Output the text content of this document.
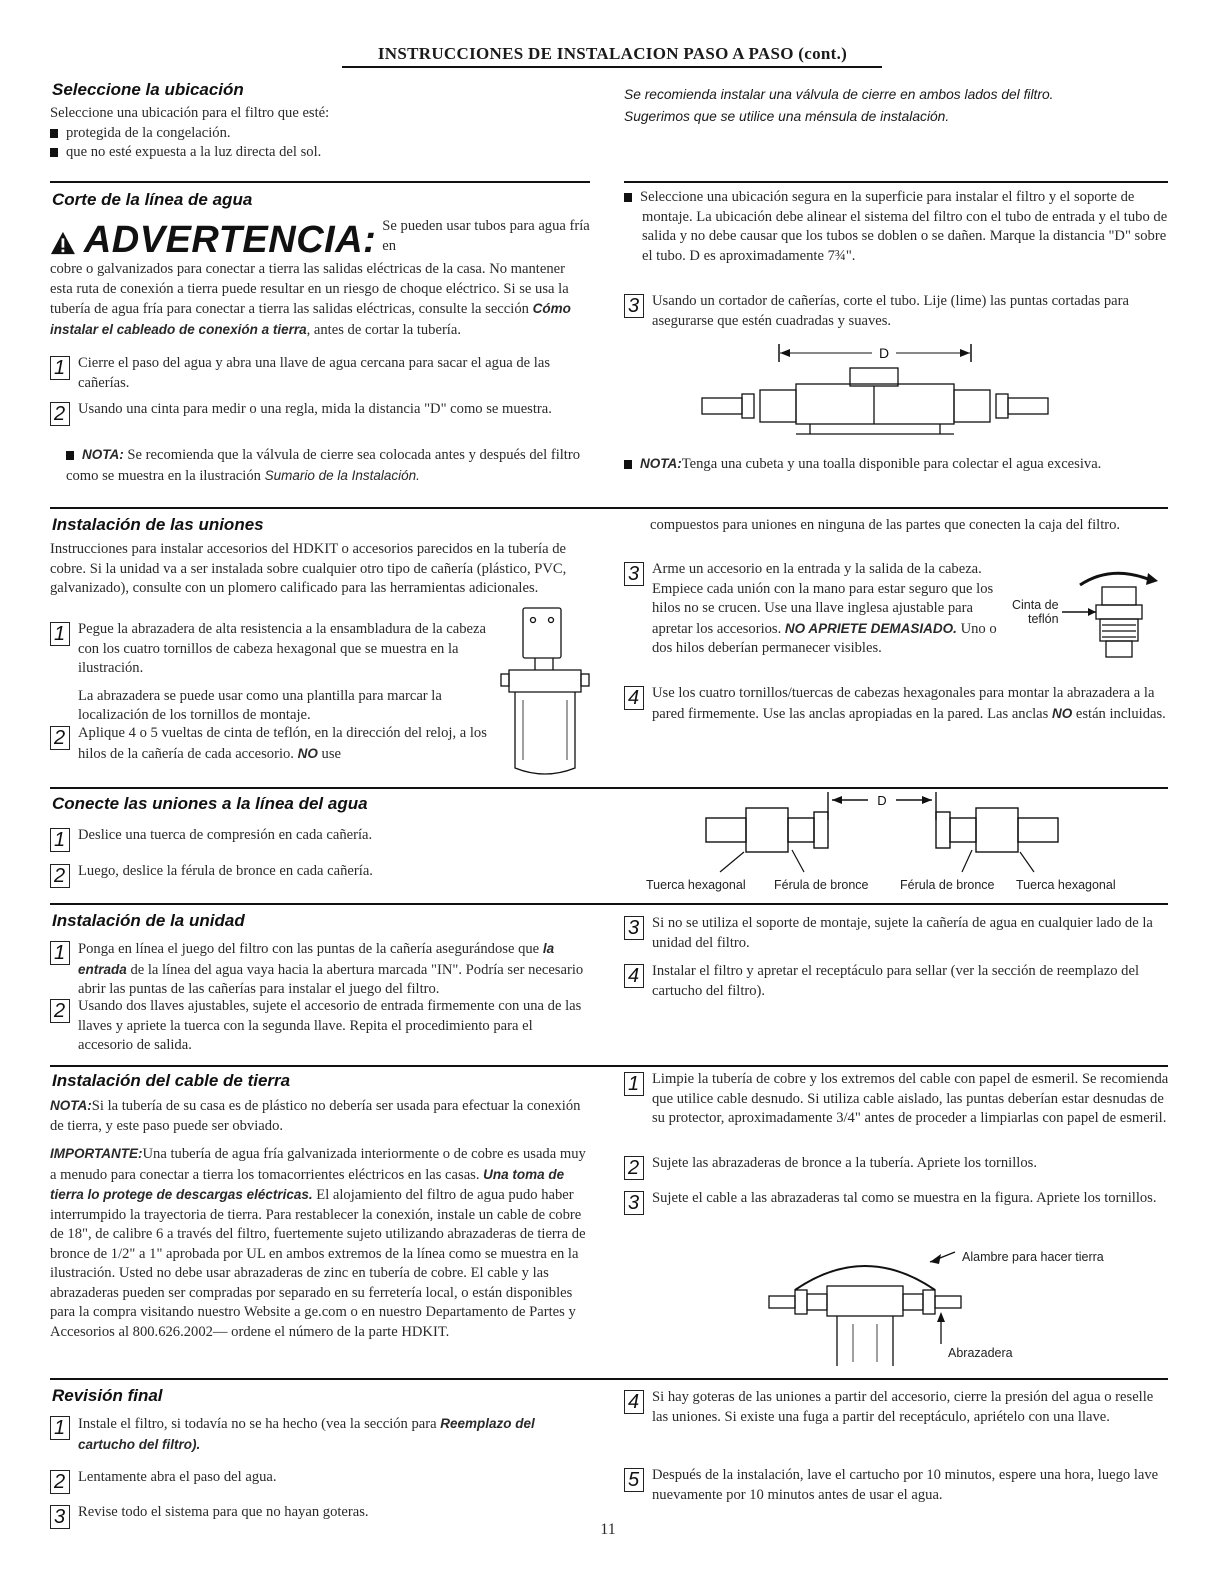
INSTRUCCIONES DE INSTALACION PASO A PASO (cont.)
Seleccione la ubicación
Seleccione una ubicación para el filtro que esté:
protegida de la congelación.
que no esté expuesta a la luz directa del sol.
Se recomienda instalar una válvula de cierre en ambos lados del filtro.
Sugerimos que se utilice una ménsula de instalación.
Corte de la línea de agua
ADVERTENCIA: Se pueden usar tubos para agua fría en
cobre o galvanizados para conectar a tierra las salidas eléctricas de la casa. No mantener esta ruta de conexión a tierra puede resultar en un riesgo de choque eléctrico. Si se usa la tubería de agua fría para conectar a tierra las salidas eléctricas, consulte la sección Cómo instalar el cableado de conexión a tierra, antes de cortar la tubería.
1 Cierre el paso del agua y abra una llave de agua cercana para sacar el agua de las cañerías.
2 Usando una cinta para medir o una regla, mida la distancia "D" como se muestra.
NOTA: Se recomienda que la válvula de cierre sea colocada antes y después del filtro como se muestra en la ilustración Sumario de la Instalación.
Seleccione una ubicación segura en la superficie para instalar el filtro y el soporte de montaje. La ubicación debe alinear el sistema del filtro con el tubo de entrada y el tubo de salida y no debe causar que los tubos se doblen o se dañen. Marque la distancia "D" sobre el tubo. D es aproximadamente 7¾".
3 Usando un cortador de cañerías, corte el tubo. Lije (lime) las puntas cortadas para asegurarse que estén cuadradas y suaves.
D
NOTA:Tenga una cubeta y una toalla disponible para colectar el agua excesiva.
Instalación de las uniones
Instrucciones para instalar accesorios del HDKIT o accesorios parecidos en la tubería de cobre. Si la unidad va a ser instalada sobre cualquier otro tipo de cañería (plástico, PVC, galvanizado), consulte con un plomero calificado para las herramientas adicionales.
1 Pegue la abrazadera de alta resistencia a la ensambladura de la cabeza con los cuatro tornillos de cabeza hexagonal que se muestra en la ilustración.
La abrazadera se puede usar como una plantilla para marcar la localización de los tornillos de montaje.
2 Aplique 4 o 5 vueltas de cinta de teflón, en la dirección del reloj, a los hilos de la cañería de cada accesorio. NO use
compuestos para uniones en ninguna de las partes que conecten la caja del filtro.
3 Arme un accesorio en la entrada y la salida de la cabeza. Empiece cada unión con la mano para estar seguro que los hilos no se crucen. Use una llave inglesa ajustable para apretar los accesorios. NO APRIETE DEMASIADO. Uno o dos hilos deberían permanecer visibles.
Cinta de
teflón
4 Use los cuatro tornillos/tuercas de cabezas hexagonales para montar la abrazadera a la pared firmemente. Use las anclas apropiadas en la pared. Las anclas NO están incluidas.
Conecte las uniones a la línea del agua
1 Deslice una tuerca de compresión en cada cañería.
2 Luego, deslice la férula de bronce en cada cañería.
D
Tuerca hexagonal Férula de bronce	Férula de bronce Tuerca hexagonal
Instalación de la unidad
1 Ponga en línea el juego del filtro con las puntas de la cañería asegurándose que la entrada de la línea del agua vaya hacia la abertura marcada "IN". Podría ser necesario abrir las puntas de las cañerías para instalar el juego del filtro.
2 Usando dos llaves ajustables, sujete el accesorio de entrada firmemente con una de las llaves y apriete la tuerca con la segunda llave. Repita el procedimiento para el accesorio de salida.
3 Si no se utiliza el soporte de montaje, sujete la cañería de agua en cualquier lado de la unidad del filtro.
4 Instalar el filtro y apretar el receptáculo para sellar (ver la sección de reemplazo del cartucho del filtro).
Instalación del cable de tierra
NOTA:Si la tubería de su casa es de plástico no debería ser usada para efectuar la conexión de tierra, y este paso puede ser obviado.
IMPORTANTE:Una tubería de agua fría galvanizada interiormente o de cobre es usada muy a menudo para conectar a tierra los tomacorrientes eléctricos en las casas. Una toma de tierra lo protege de descargas eléctricas. El alojamiento del filtro de agua pudo haber interrumpido la trayectoria de tierra. Para restablecer la conexión, instale un cable de cobre de 18", de calibre 6 a través del filtro, fuertemente sujeto utilizando abrazaderas de tierra de bronce de 1/2" a 1" aprobada por UL en ambos extremos de la línea como se muestra en la ilustración. Usted no debe usar abrazaderas de zinc en tubería de cobre. El cable y las abrazaderas pueden ser compradas por separado en su ferretería local, o están disponibles para la compra visitando nuestro Website a ge.com o en nuestro Departamento de Partes y Accesorios al 800.626.2002— ordene el número de la parte HDKIT.
1 Limpie la tubería de cobre y los extremos del cable con papel de esmeril. Se recomienda que utilice cable desnudo. Si utiliza cable aislado, las puntas deberían estar desnudas de su protector, aproximadamente 3/4" antes de proceder a limpiarlas con papel de esmeril.
2 Sujete las abrazaderas de bronce a la tubería. Apriete los tornillos.
3 Sujete el cable a las abrazaderas tal como se muestra en la figura. Apriete los tornillos.
Alambre para hacer tierra
Abrazadera
Revisión final
1 Instale el filtro, si todavía no se ha hecho (vea la sección para Reemplazo del cartucho del filtro).
2 Lentamente abra el paso del agua.
3 Revise todo el sistema para que no hayan goteras.
4 Si hay goteras de las uniones a partir del accesorio, cierre la presión del agua o reselle las uniones. Si existe una fuga a partir del receptáculo, apriételo con una llave.
5 Después de la instalación, lave el cartucho por 10 minutos, espere una hora, luego lave nuevamente por 10 minutos antes de usar el agua.
11
